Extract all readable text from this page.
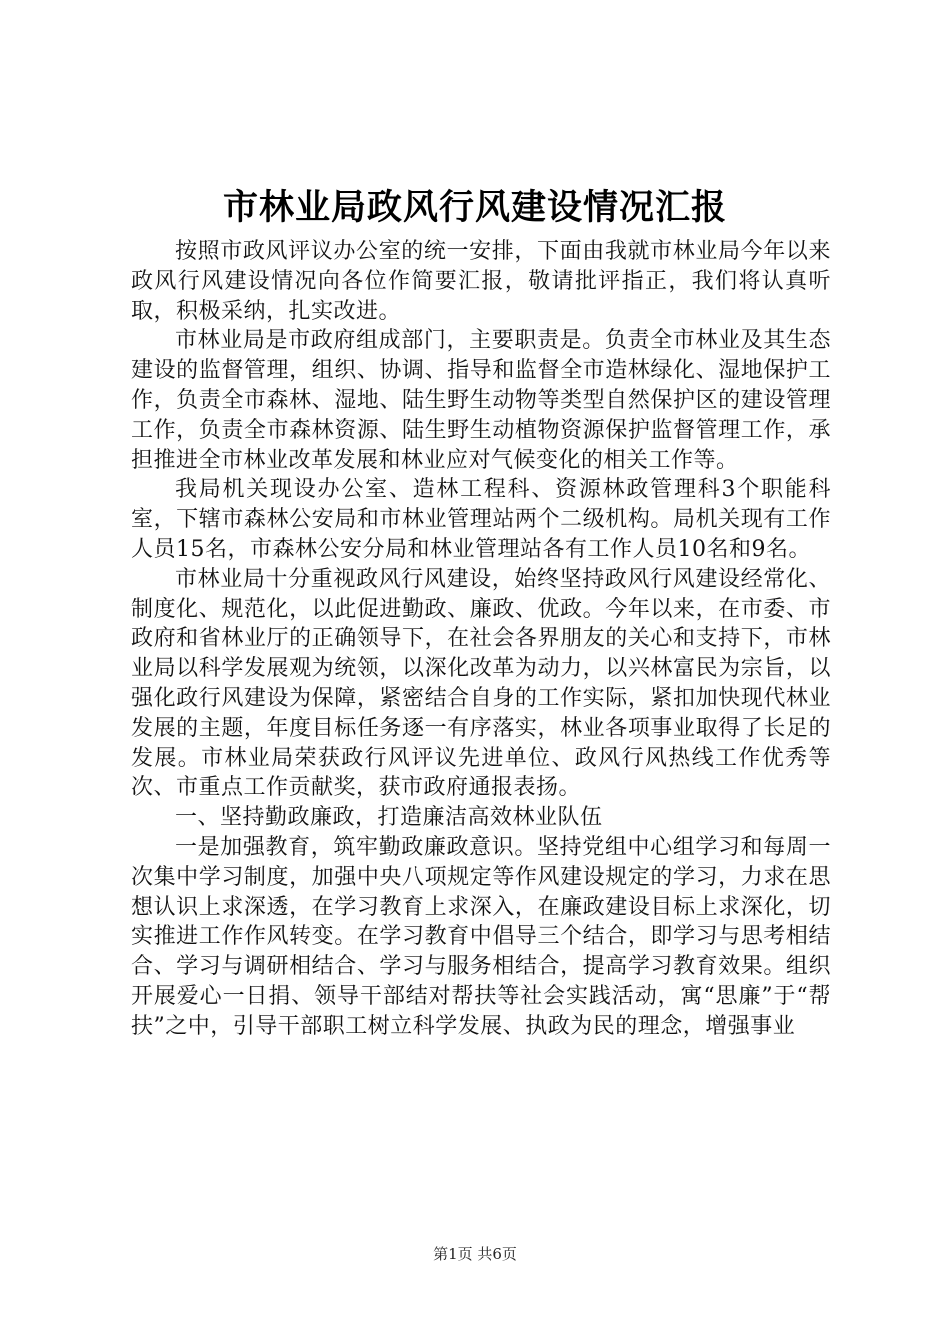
市林业局政风行风建设情况汇报

按照市政风评议办公室的统一安排，下面由我就市林业局今年以来政风行风建设情况向各位作简要汇报，敬请批评指正，我们将认真听取，积极采纳，扎实改进。

市林业局是市政府组成部门，主要职责是。负责全市林业及其生态建设的监督管理，组织、协调、指导和监督全市造林绿化、湿地保护工作，负责全市森林、湿地、陆生野生动物等类型自然保护区的建设管理工作，负责全市森林资源、陆生野生动植物资源保护监督管理工作，承担推进全市林业改革发展和林业应对气候变化的相关工作等。

我局机关现设办公室、造林工程科、资源林政管理科3个职能科室，下辖市森林公安局和市林业管理站两个二级机构。局机关现有工作人员15名，市森林公安分局和林业管理站各有工作人员10名和9名。

市林业局十分重视政风行风建设，始终坚持政风行风建设经常化、制度化、规范化，以此促进勤政、廉政、优政。今年以来，在市委、市政府和省林业厅的正确领导下，在社会各界朋友的关心和支持下，市林业局以科学发展观为统领，以深化改革为动力，以兴林富民为宗旨，以强化政行风建设为保障，紧密结合自身的工作实际，紧扣加快现代林业发展的主题，年度目标任务逐一有序落实，林业各项事业取得了长足的发展。市林业局荣获政行风评议先进单位、政风行风热线工作优秀等次、市重点工作贡献奖，获市政府通报表扬。

一、坚持勤政廉政，打造廉洁高效林业队伍

一是加强教育，筑牢勤政廉政意识。坚持党组中心组学习和每周一次集中学习制度，加强中央八项规定等作风建设规定的学习，力求在思想认识上求深透，在学习教育上求深入，在廉政建设目标上求深化，切实推进工作作风转变。在学习教育中倡导三个结合，即学习与思考相结合、学习与调研相结合、学习与服务相结合，提高学习教育效果。组织开展爱心一日捐、领导干部结对帮扶等社会实践活动，寓“思廉”于“帮扶”之中，引导干部职工树立科学发展、执政为民的理念，增强事业

第1页 共6页
